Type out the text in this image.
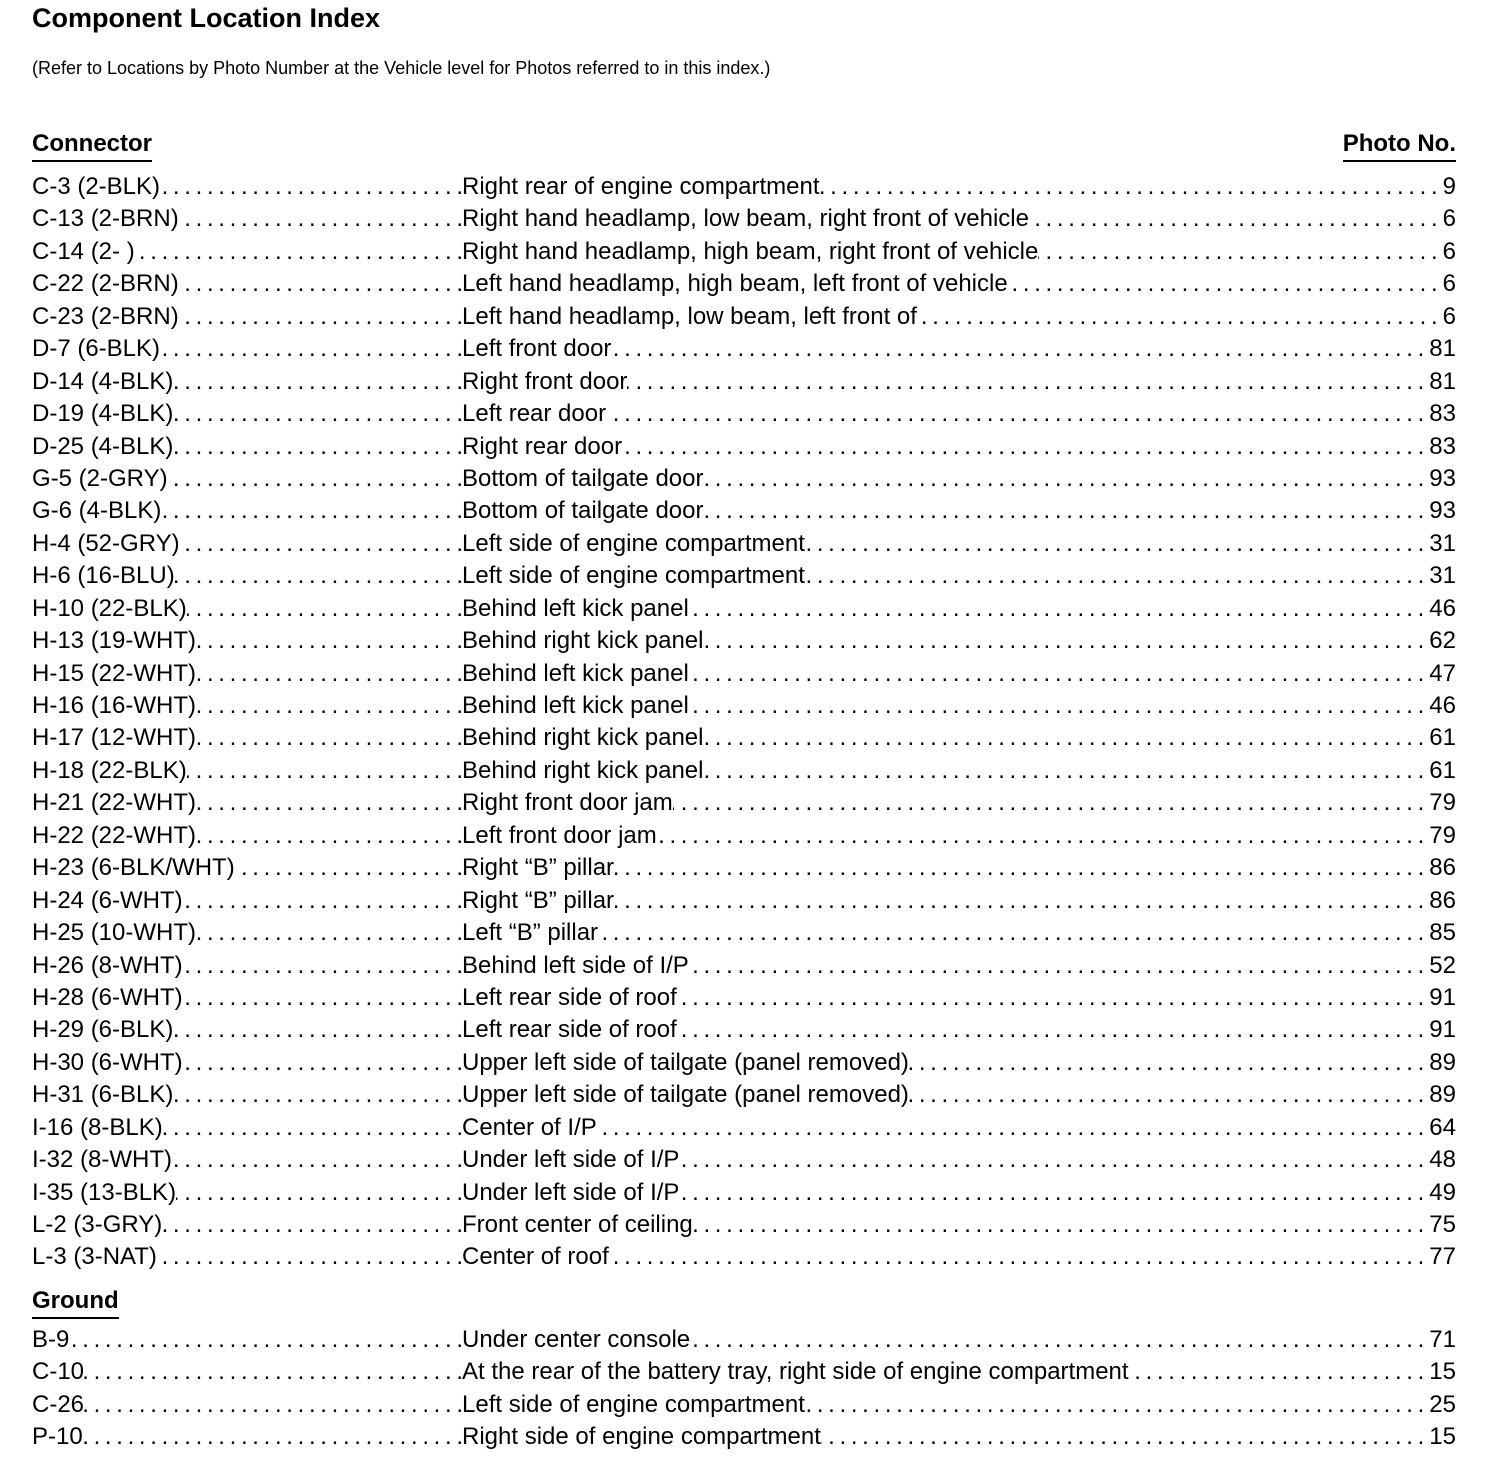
Component Location Index
(Refer to Locations by Photo Number at the Vehicle level for Photos referred to in this index.)
Connector	Photo No.
C-3 (2-BLK) . . .	Right rear of engine compartment . . .	9
C-13 (2-BRN) . . .	Right hand headlamp, low beam, right front of vehicle . . .	6
C-14 (2- ) . . .	Right hand headlamp, high beam, right front of vehicle . . .	6
C-22 (2-BRN) . . .	Left hand headlamp, high beam, left front of vehicle . . .	6
C-23 (2-BRN) . . .	Left hand headlamp, low beam, left front of . . .	6
D-7 (6-BLK) . . .	Left front door . . .	81
D-14 (4-BLK) . . .	Right front door . . .	81
D-19 (4-BLK) . . .	Left rear door . . .	83
D-25 (4-BLK) . . .	Right rear door . . .	83
G-5 (2-GRY) . . .	Bottom of tailgate door . . .	93
G-6 (4-BLK) . . .	Bottom of tailgate door . . .	93
H-4 (52-GRY) . . .	Left side of engine compartment . . .	31
H-6 (16-BLU) . . .	Left side of engine compartment . . .	31
H-10 (22-BLK) . . .	Behind left kick panel . . .	46
H-13 (19-WHT) . . .	Behind right kick panel . . .	62
H-15 (22-WHT) . . .	Behind left kick panel . . .	47
H-16 (16-WHT) . . .	Behind left kick panel . . .	46
H-17 (12-WHT) . . .	Behind right kick panel . . .	61
H-18 (22-BLK) . . .	Behind right kick panel . . .	61
H-21 (22-WHT) . . .	Right front door jam . . .	79
H-22 (22-WHT) . . .	Left front door jam . . .	79
H-23 (6-BLK/WHT) . . .	Right “B” pillar . . .	86
H-24 (6-WHT) . . .	Right “B” pillar . . .	86
H-25 (10-WHT) . . .	Left “B” pillar . . .	85
H-26 (8-WHT) . . .	Behind left side of I/P . . .	52
H-28 (6-WHT) . . .	Left rear side of roof . . .	91
H-29 (6-BLK) . . .	Left rear side of roof . . .	91
H-30 (6-WHT) . . .	Upper left side of tailgate (panel removed) . . .	89
H-31 (6-BLK) . . .	Upper left side of tailgate (panel removed) . . .	89
I-16 (8-BLK) . . .	Center of I/P . . .	64
I-32 (8-WHT) . . .	Under left side of I/P . . .	48
I-35 (13-BLK) . . .	Under left side of I/P . . .	49
L-2 (3-GRY) . . .	Front center of ceiling . . .	75
L-3 (3-NAT) . . .	Center of roof . . .	77
Ground
B-9 . . .	Under center console . . .	71
C-10 . . .	At the rear of the battery tray, right side of engine compartment . . .	15
C-26 . . .	Left side of engine compartment . . .	25
P-10 . . .	Right side of engine compartment . . .	15
